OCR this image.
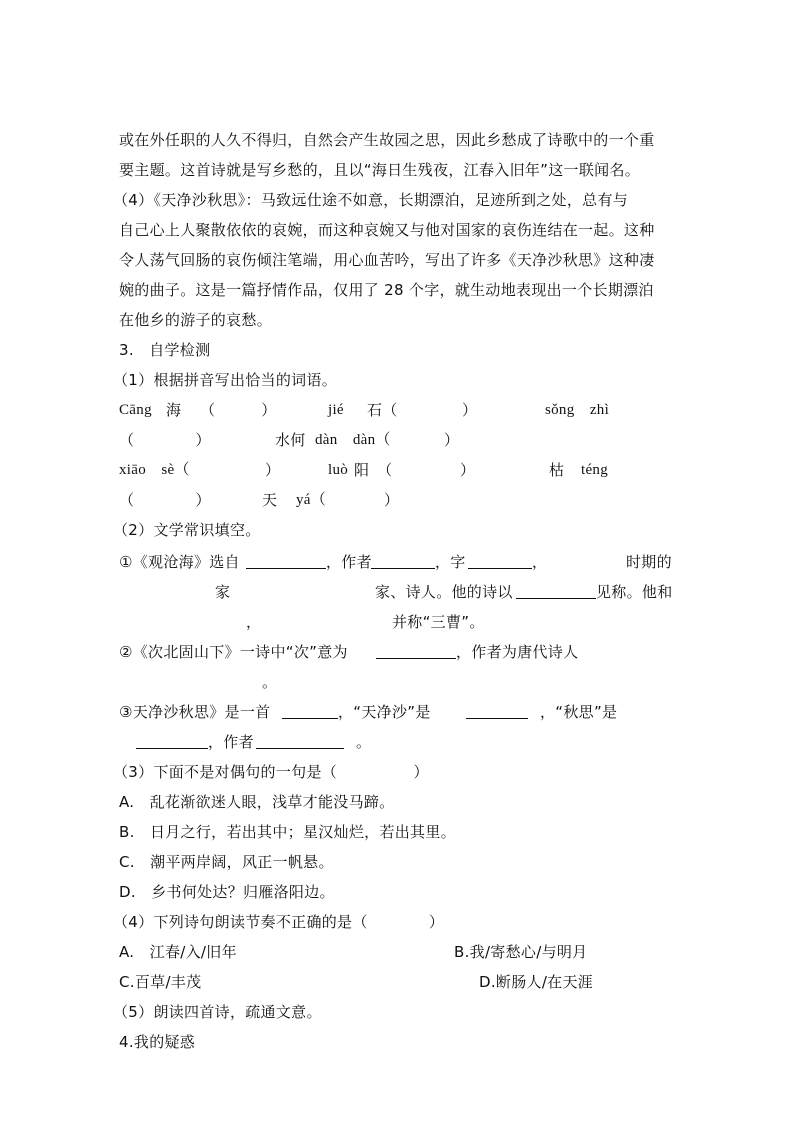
或在外任职的人久不得归，自然会产生故园之思，因此乡愁成了诗歌中的一个重
要主题。这首诗就是写乡愁的，且以“海日生残夜，江春入旧年”这一联闻名。
（4）《天净沙秋思》：马致远仕途不如意，长期漂泊，足迹所到之处，总有与
自己心上人聚散依依的哀婉，而这种哀婉又与他对国家的哀伤连结在一起。这种
令人荡气回肠的哀伤倾注笔端，用心血苦吟，写出了许多《天净沙秋思》这种凄
婉的曲子。这是一篇抒情作品，仅用了 28 个字，就生动地表现出一个长期漂泊
在他乡的游子的哀愁。
3.　自学检测
（1）根据拼音写出恰当的词语。
Cāng 海 （　　　）	jié 石（	）	sǒng　zhì
（　　　　）	水何 dàn　dàn（	）
xiāo　sè（	）	luò 阳　（	）	枯 téng
（　　　　）	天 yá（	）
（2）文学常识填空。
①《观沧海》选自	，作者	，字	，	时期的
家	家、诗人。他的诗以	见称。他和
，	并称“三曹”。
②《次北固山下》一诗中“次”意为	，作者为唐代诗人
。
③天净沙秋思》是一首	，“天净沙”是	，“秋思”是
，作者	。
（3）下面不是对偶句的一句是（　　　　　）
A.　乱花渐欲迷人眼，浅草才能没马蹄。
B.　日月之行，若出其中；星汉灿烂，若出其里。
C.　潮平两岸阔，风正一帆悬。
D.　乡书何处达？归雁洛阳边。
（4）下列诗句朗读节奏不正确的是（　　　　）
A.　江春/入/旧年	B.我/寄愁心/与明月
C.百草/丰茂	D.断肠人/在天涯
（5）朗读四首诗，疏通文意。
4.我的疑惑
